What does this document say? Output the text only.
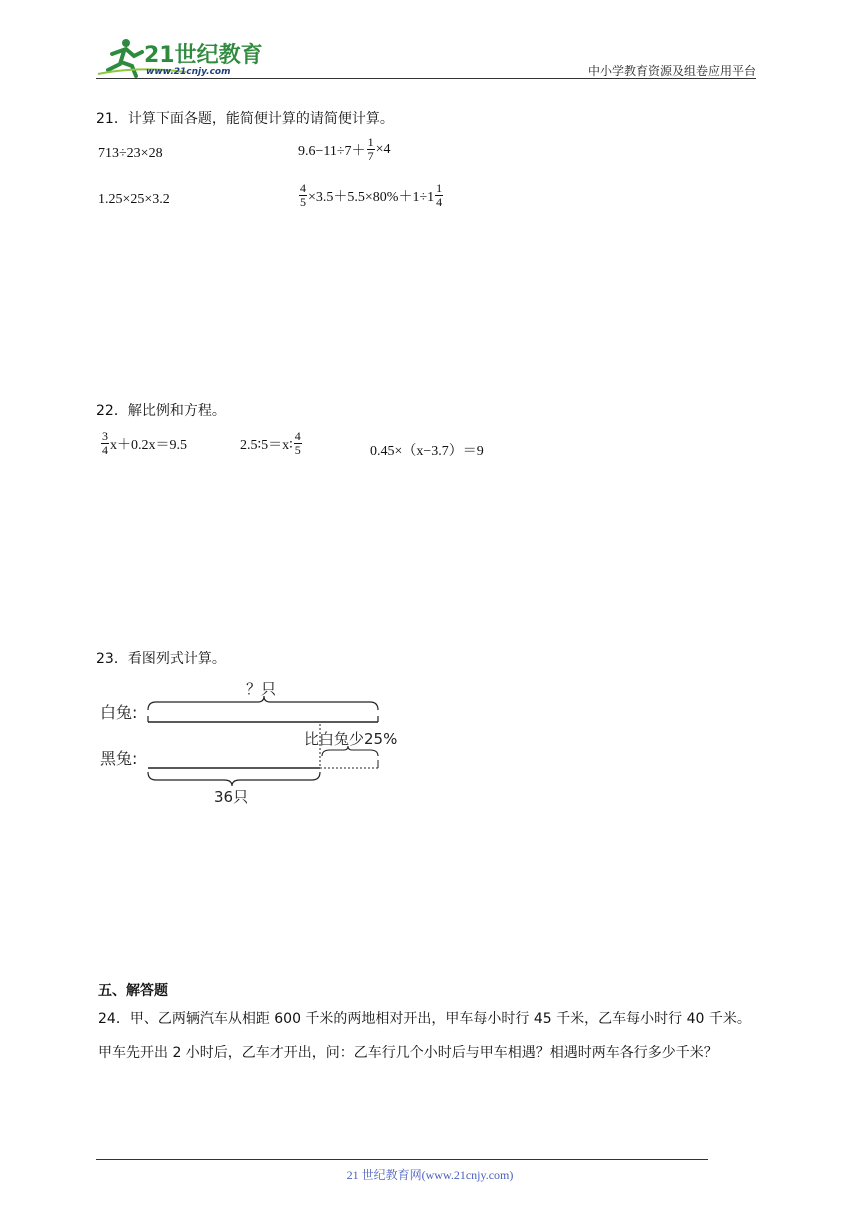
21世纪教育
www.21cnjy.com	中小学教育资源及组卷应用平台
21．计算下面各题，能简便计算的请简便计算。
713÷23×28	$9.6-11\div 7+ \frac{1}{7} \times 4$
1.25×25×3.2	$\frac{4}{5} \times 3.5+5.5\times 80\%+1\div 1 \frac{1}{4}$
22．解比例和方程。
$\frac{3}{4} x+0.2x=9.5$	2.5∶5＝x∶ $\frac{4}{5}$	0.45×（x−3.7）＝9
23．看图列式计算。
？只
白兔:
比白兔少25%
黑兔:
36只
五、解答题
24．甲、乙两辆汽车从相距 600 千米的两地相对开出，甲车每小时行 45 千米，乙车每小时行 40 千米。
甲车先开出 2 小时后，乙车才开出，问：乙车行几个小时后与甲车相遇？相遇时两车各行多少千米？
21 世纪教育网(www.21cnjy.com)
